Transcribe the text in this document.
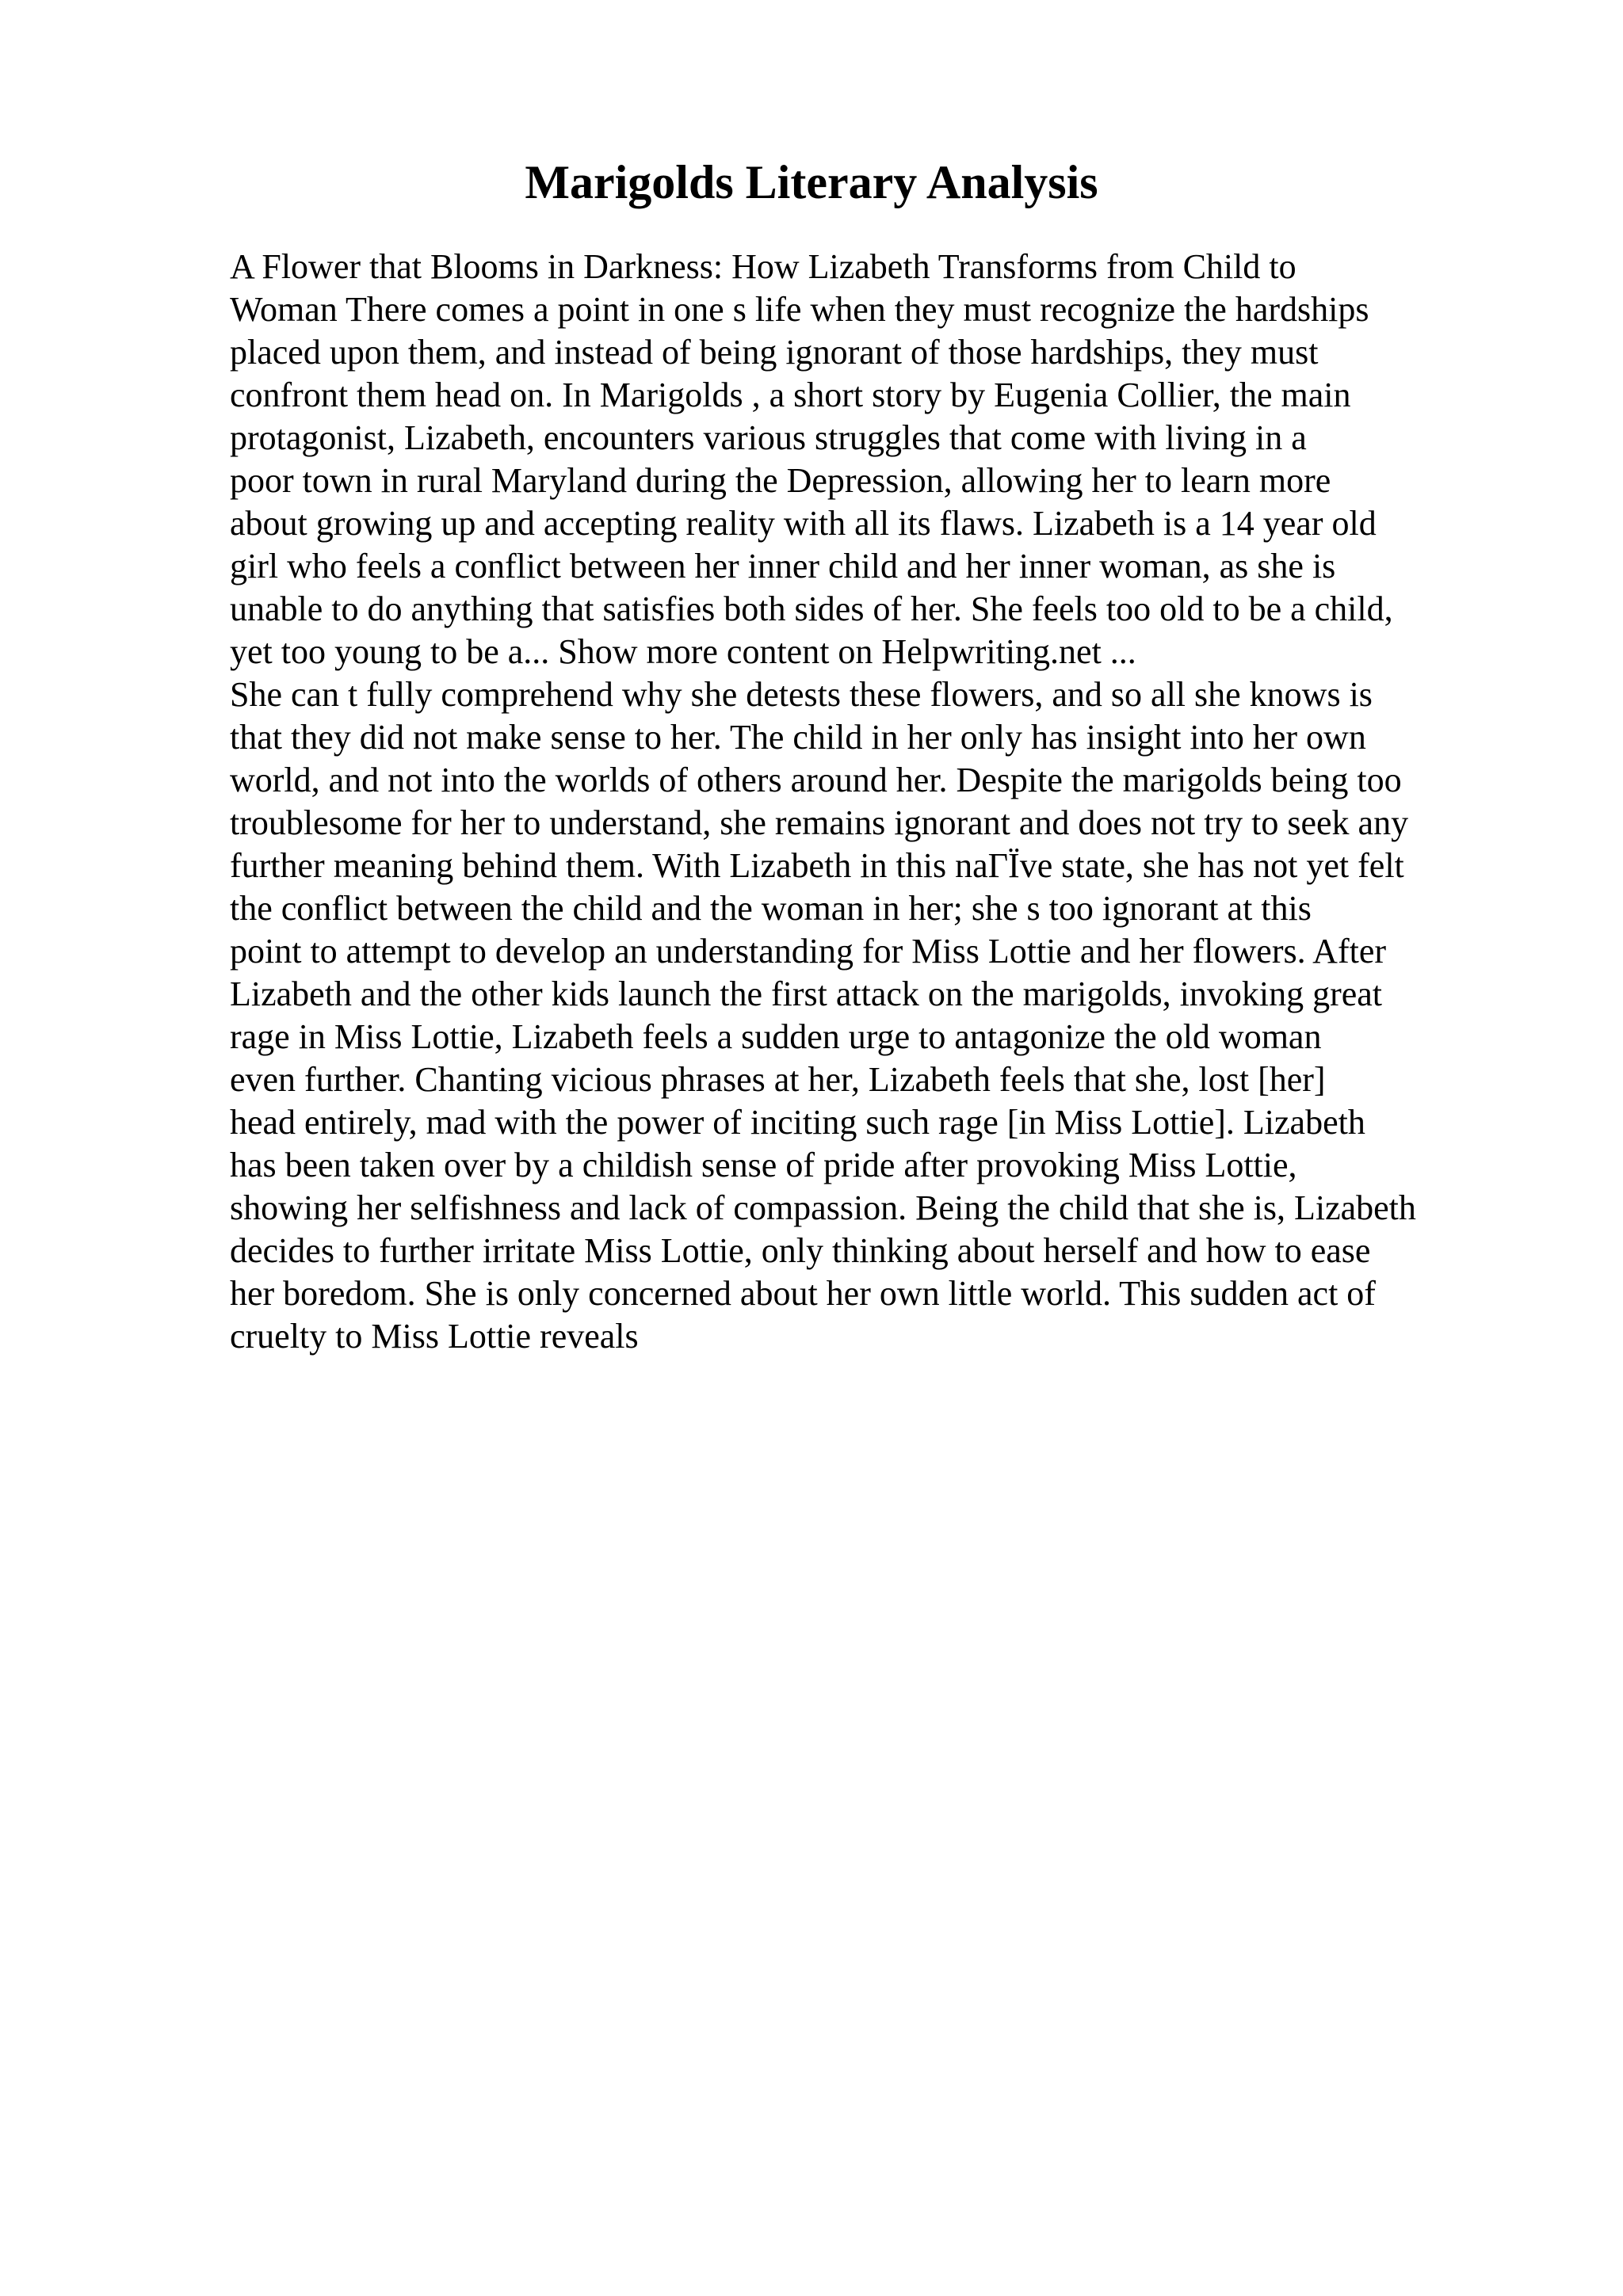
Marigolds Literary Analysis
A Flower that Blooms in Darkness: How Lizabeth Transforms from Child to
Woman There comes a point in one s life when they must recognize the hardships
placed upon them, and instead of being ignorant of those hardships, they must
confront them head on. In Marigolds , a short story by Eugenia Collier, the main
protagonist, Lizabeth, encounters various struggles that come with living in a
poor town in rural Maryland during the Depression, allowing her to learn more
about growing up and accepting reality with all its flaws. Lizabeth is a 14 year old
girl who feels a conflict between her inner child and her inner woman, as she is
unable to do anything that satisfies both sides of her. She feels too old to be a child,
yet too young to be a... Show more content on Helpwriting.net ...
She can t fully comprehend why she detests these flowers, and so all she knows is
that they did not make sense to her. The child in her only has insight into her own
world, and not into the worlds of others around her. Despite the marigolds being too
troublesome for her to understand, she remains ignorant and does not try to seek any
further meaning behind them. With Lizabeth in this naΓЇve state, she has not yet felt
the conflict between the child and the woman in her; she s too ignorant at this
point to attempt to develop an understanding for Miss Lottie and her flowers. After
Lizabeth and the other kids launch the first attack on the marigolds, invoking great
rage in Miss Lottie, Lizabeth feels a sudden urge to antagonize the old woman
even further. Chanting vicious phrases at her, Lizabeth feels that she, lost [her]
head entirely, mad with the power of inciting such rage [in Miss Lottie]. Lizabeth
has been taken over by a childish sense of pride after provoking Miss Lottie,
showing her selfishness and lack of compassion. Being the child that she is, Lizabeth
decides to further irritate Miss Lottie, only thinking about herself and how to ease
her boredom. She is only concerned about her own little world. This sudden act of
cruelty to Miss Lottie reveals
